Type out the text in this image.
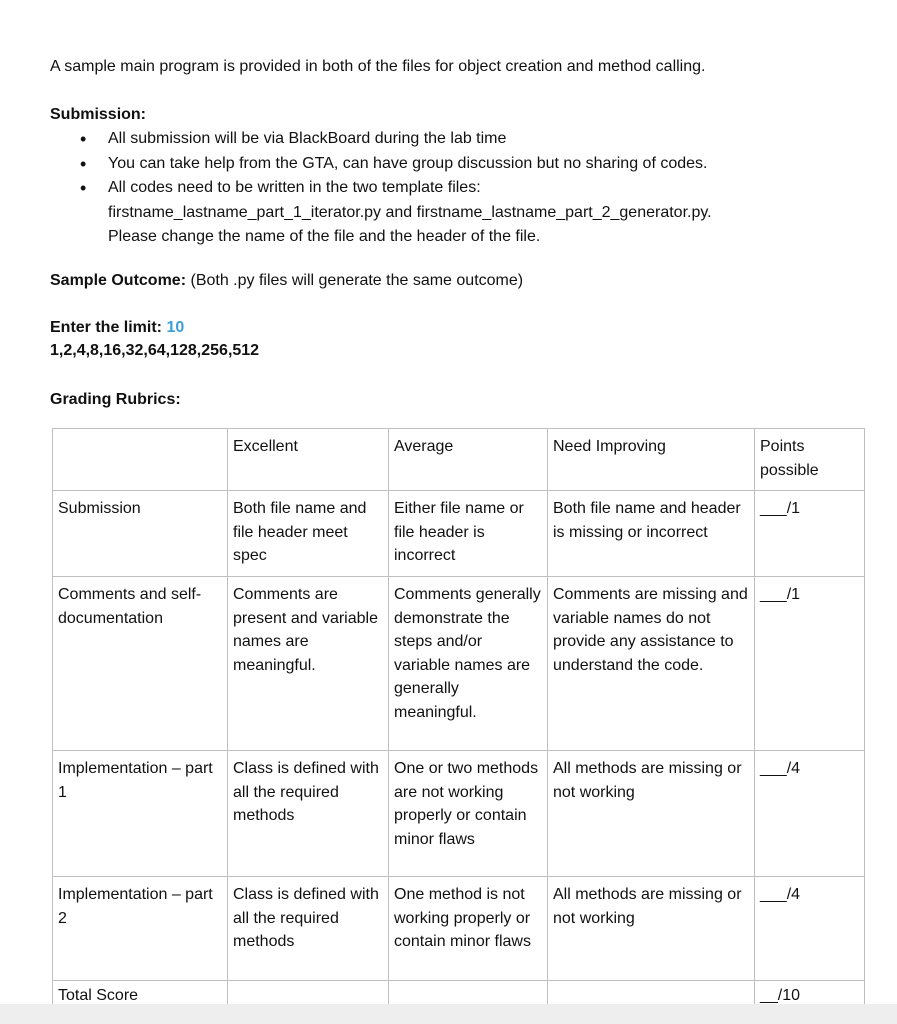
A sample main program is provided in both of the files for object creation and method calling.
Submission:
• All submission will be via BlackBoard during the lab time
• You can take help from the GTA, can have group discussion but no sharing of codes.
• All codes need to be written in the two template files:
firstname_lastname_part_1_iterator.py and firstname_lastname_part_2_generator.py.
Please change the name of the file and the header of the file.
Sample Outcome: (Both .py files will generate the same outcome)
Enter the limit: 10
1,2,4,8,16,32,64,128,256,512
Grading Rubrics:
	Excellent	Average	Need Improving	Points possible
Submission	Both file name and file header meet spec	Either file name or file header is incorrect	Both file name and header is missing or incorrect	___/1
Comments and self-documentation	Comments are present and variable names are meaningful.	Comments generally demonstrate the steps and/or variable names are generally meaningful.	Comments are missing and variable names do not provide any assistance to understand the code.	___/1
Implementation – part 1	Class is defined with all the required methods	One or two methods are not working properly or contain minor flaws	All methods are missing or not working	___/4
Implementation – part 2	Class is defined with all the required methods	One method is not working properly or contain minor flaws	All methods are missing or not working	___/4
Total Score				__/10
